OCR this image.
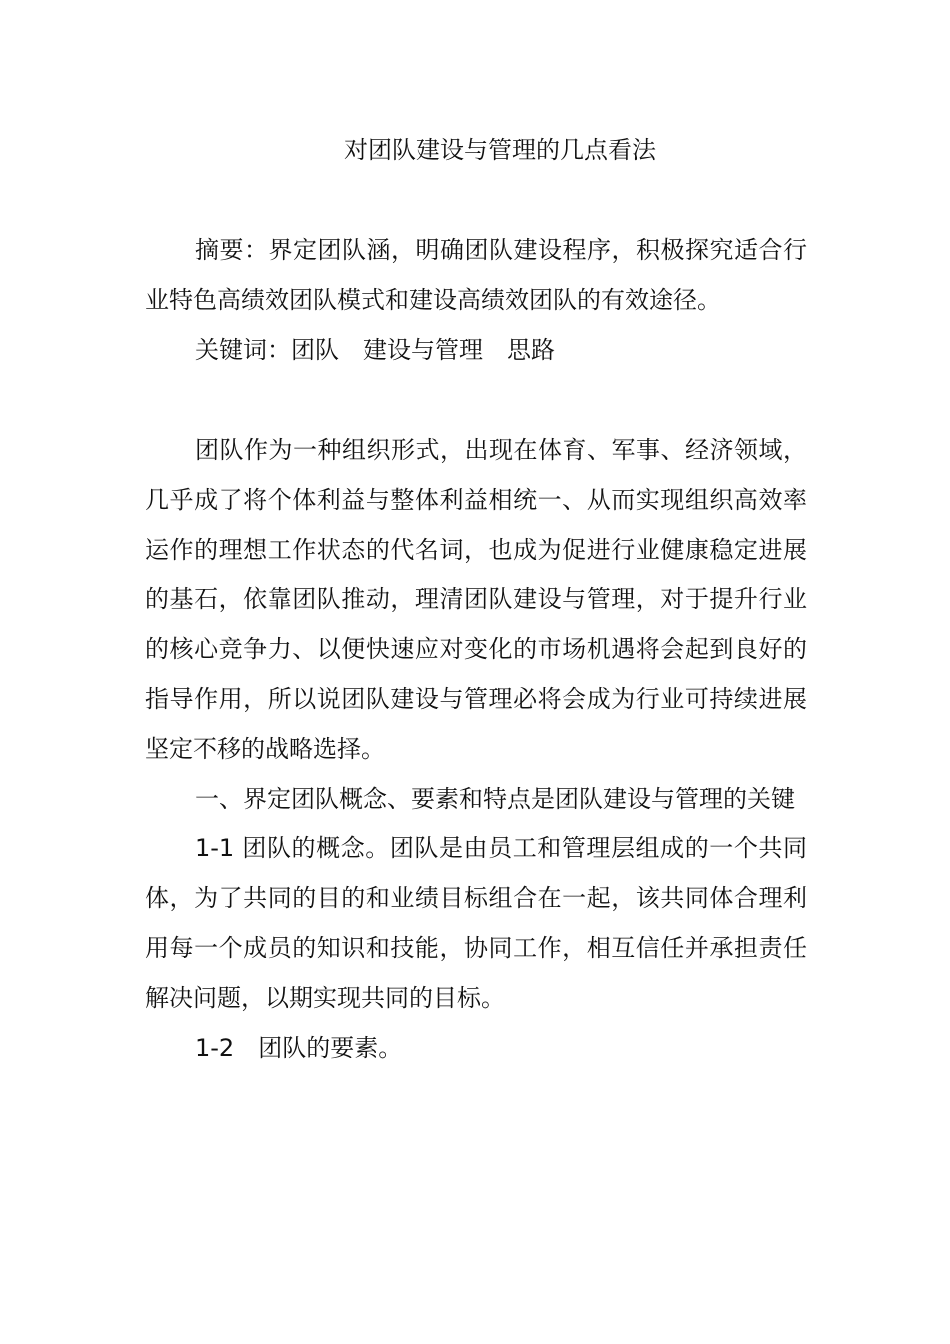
对团队建设与管理的几点看法

摘要：界定团队涵，明确团队建设程序，积极探究适合行业特色高绩效团队模式和建设高绩效团队的有效途径。

关键词：团队 建设与管理 思路

团队作为一种组织形式，出现在体育、军事、经济领域，几乎成了将个体利益与整体利益相统一、从而实现组织高效率运作的理想工作状态的代名词，也成为促进行业健康稳定进展的基石，依靠团队推动，理清团队建设与管理，对于提升行业的核心竞争力、以便快速应对变化的市场机遇将会起到良好的指导作用，所以说团队建设与管理必将会成为行业可持续进展坚定不移的战略选择。

一、界定团队概念、要素和特点是团队建设与管理的关键

1-1 团队的概念。团队是由员工和管理层组成的一个共同体，为了共同的目的和业绩目标组合在一起，该共同体合理利用每一个成员的知识和技能，协同工作，相互信任并承担责任解决问题，以期实现共同的目标。

1-2 团队的要素。
